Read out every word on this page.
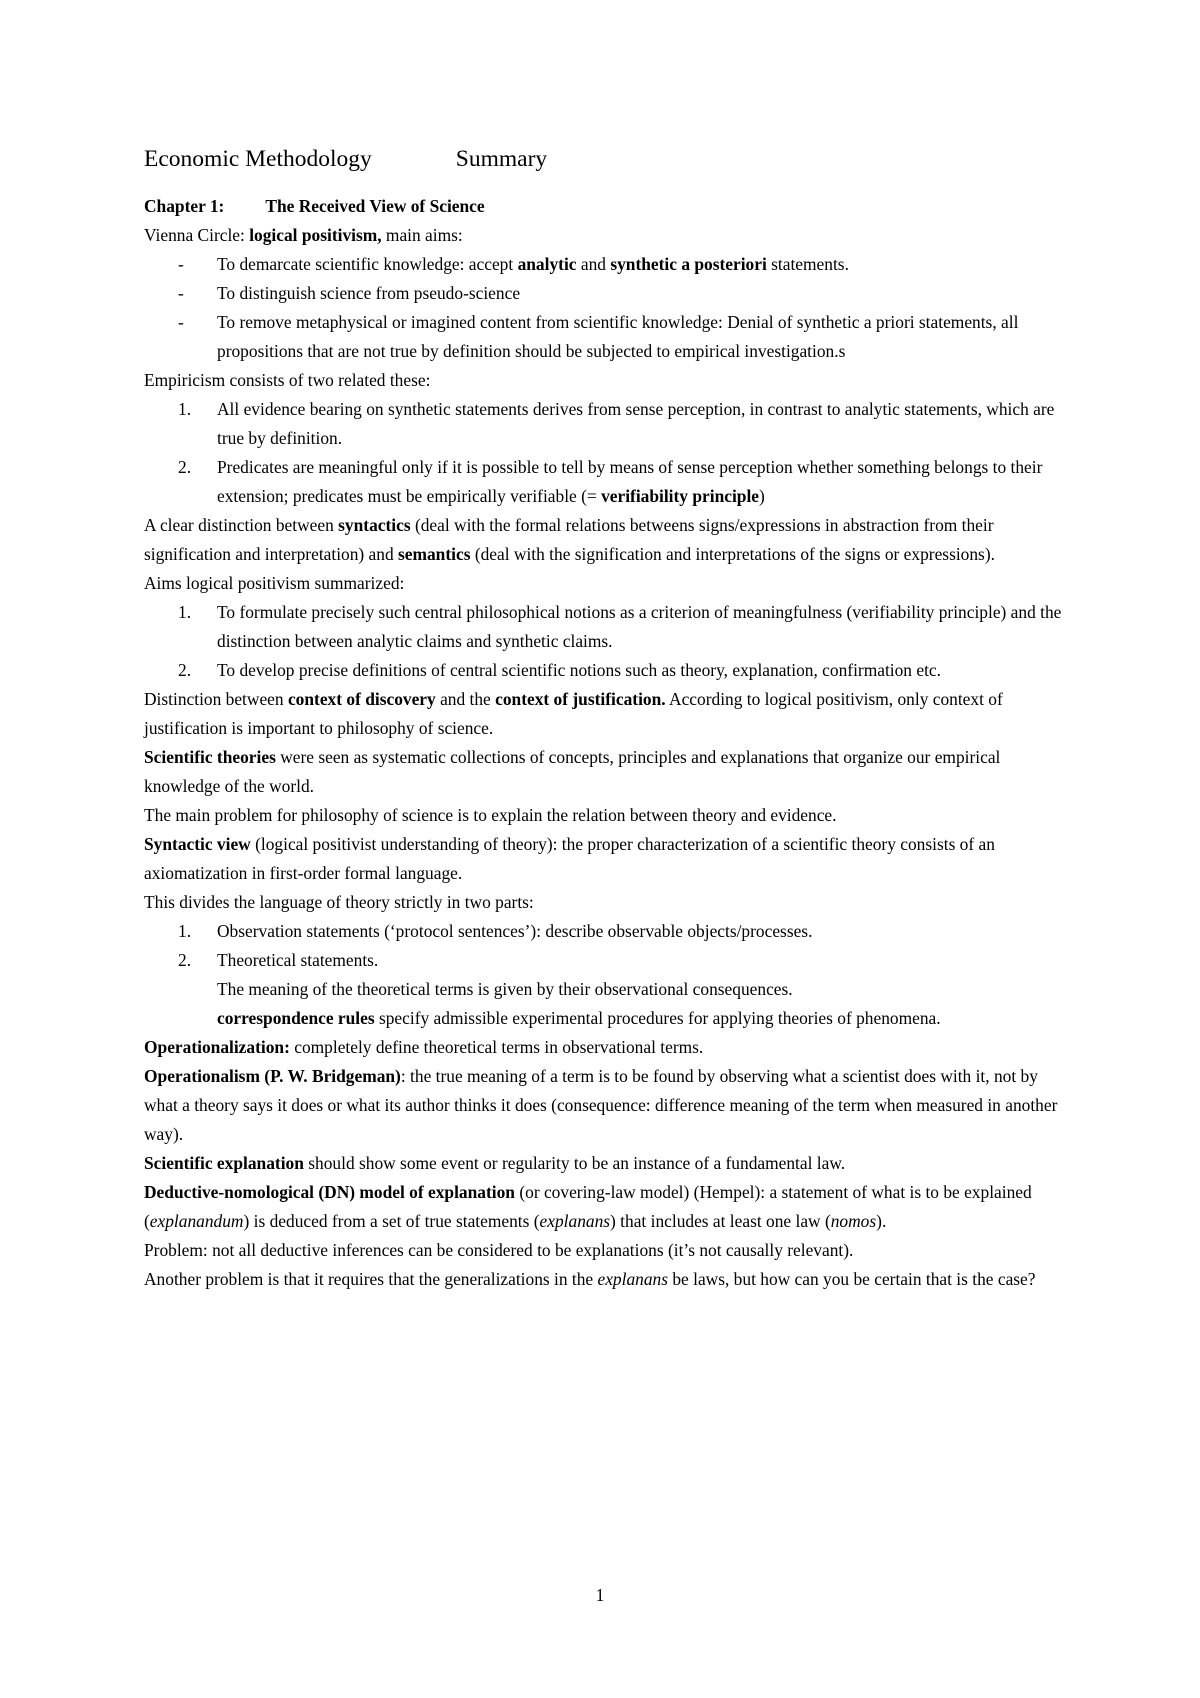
Economic Methodology	Summary

Chapter 1: The Received View of Science

Vienna Circle: logical positivism, main aims:

- To demarcate scientific knowledge: accept analytic and synthetic a posteriori statements.

- To distinguish science from pseudo-science

- To remove metaphysical or imagined content from scientific knowledge: Denial of synthetic a priori statements, all propositions that are not true by definition should be subjected to empirical investigation.s

Empiricism consists of two related these:

1. All evidence bearing on synthetic statements derives from sense perception, in contrast to analytic statements, which are true by definition.

2. Predicates are meaningful only if it is possible to tell by means of sense perception whether something belongs to their extension; predicates must be empirically verifiable (= verifiability principle)

A clear distinction between syntactics (deal with the formal relations betweens signs/expressions in abstraction from their signification and interpretation) and semantics (deal with the signification and interpretations of the signs or expressions).

Aims logical positivism summarized:

1. To formulate precisely such central philosophical notions as a criterion of meaningfulness (verifiability principle) and the distinction between analytic claims and synthetic claims.

2. To develop precise definitions of central scientific notions such as theory, explanation, confirmation etc.

Distinction between context of discovery and the context of justification. According to logical positivism, only context of justification is important to philosophy of science.

Scientific theories were seen as systematic collections of concepts, principles and explanations that organize our empirical knowledge of the world.

The main problem for philosophy of science is to explain the relation between theory and evidence.

Syntactic view (logical positivist understanding of theory): the proper characterization of a scientific theory consists of an axiomatization in first-order formal language.

This divides the language of theory strictly in two parts:

1. Observation statements (‘protocol sentences’): describe observable objects/processes.

2. Theoretical statements.

The meaning of the theoretical terms is given by their observational consequences.

correspondence rules specify admissible experimental procedures for applying theories of phenomena.

Operationalization: completely define theoretical terms in observational terms.

Operationalism (P. W. Bridgeman): the true meaning of a term is to be found by observing what a scientist does with it, not by what a theory says it does or what its author thinks it does (consequence: difference meaning of the term when measured in another way).

Scientific explanation should show some event or regularity to be an instance of a fundamental law.

Deductive-nomological (DN) model of explanation (or covering-law model) (Hempel): a statement of what is to be explained (explanandum) is deduced from a set of true statements (explanans) that includes at least one law (nomos).

Problem: not all deductive inferences can be considered to be explanations (it’s not causally relevant).

Another problem is that it requires that the generalizations in the explanans be laws, but how can you be certain that is the case?

1
